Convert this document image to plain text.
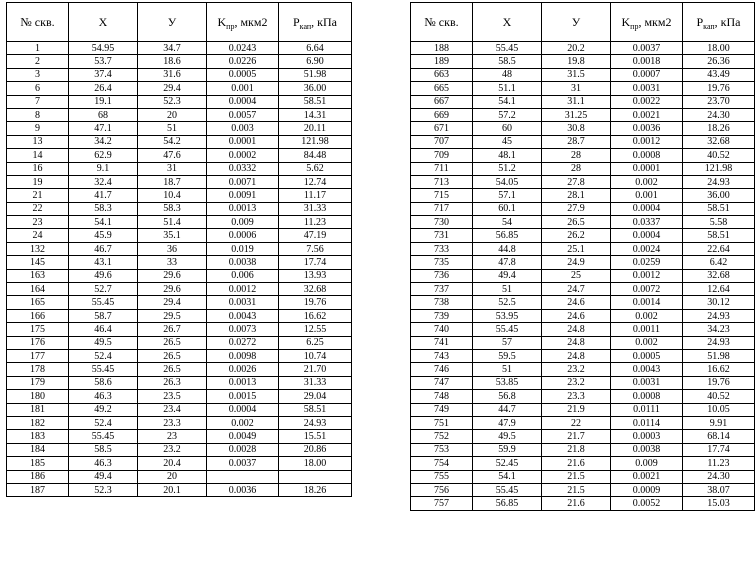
№ скв.	X	У	$K_{пр}$, мкм2	$P_{кап}$, кПа
1	54.95	34.7	0.0243	6.64
2	53.7	18.6	0.0226	6.90
3	37.4	31.6	0.0005	51.98
6	26.4	29.4	0.001	36.00
7	19.1	52.3	0.0004	58.51
8	68	20	0.0057	14.31
9	47.1	51	0.003	20.11
13	34.2	54.2	0.0001	121.98
14	62.9	47.6	0.0002	84.48
16	9.1	31	0.0332	5.62
19	32.4	18.7	0.0071	12.74
21	41.7	10.4	0.0091	11.17
22	58.3	58.3	0.0013	31.33
23	54.1	51.4	0.009	11.23
24	45.9	35.1	0.0006	47.19
132	46.7	36	0.019	7.56
145	43.1	33	0.0038	17.74
163	49.6	29.6	0.006	13.93
164	52.7	29.6	0.0012	32.68
165	55.45	29.4	0.0031	19.76
166	58.7	29.5	0.0043	16.62
175	46.4	26.7	0.0073	12.55
176	49.5	26.5	0.0272	6.25
177	52.4	26.5	0.0098	10.74
178	55.45	26.5	0.0026	21.70
179	58.6	26.3	0.0013	31.33
180	46.3	23.5	0.0015	29.04
181	49.2	23.4	0.0004	58.51
182	52.4	23.3	0.002	24.93
183	55.45	23	0.0049	15.51
184	58.5	23.2	0.0028	20.86
185	46.3	20.4	0.0037	18.00
186	49.4	20		
187	52.3	20.1	0.0036	18.26
№ скв.	X	У	$K_{пр}$, мкм2	$P_{кап}$, кПа
188	55.45	20.2	0.0037	18.00
189	58.5	19.8	0.0018	26.36
663	48	31.5	0.0007	43.49
665	51.1	31	0.0031	19.76
667	54.1	31.1	0.0022	23.70
669	57.2	31.25	0.0021	24.30
671	60	30.8	0.0036	18.26
707	45	28.7	0.0012	32.68
709	48.1	28	0.0008	40.52
711	51.2	28	0.0001	121.98
713	54.05	27.8	0.002	24.93
715	57.1	28.1	0.001	36.00
717	60.1	27.9	0.0004	58.51
730	54	26.5	0.0337	5.58
731	56.85	26.2	0.0004	58.51
733	44.8	25.1	0.0024	22.64
735	47.8	24.9	0.0259	6.42
736	49.4	25	0.0012	32.68
737	51	24.7	0.0072	12.64
738	52.5	24.6	0.0014	30.12
739	53.95	24.6	0.002	24.93
740	55.45	24.8	0.0011	34.23
741	57	24.8	0.002	24.93
743	59.5	24.8	0.0005	51.98
746	51	23.2	0.0043	16.62
747	53.85	23.2	0.0031	19.76
748	56.8	23.3	0.0008	40.52
749	44.7	21.9	0.0111	10.05
751	47.9	22	0.0114	9.91
752	49.5	21.7	0.0003	68.14
753	59.9	21.8	0.0038	17.74
754	52.45	21.6	0.009	11.23
755	54.1	21.5	0.0021	24.30
756	55.45	21.5	0.0009	38.07
757	56.85	21.6	0.0052	15.03
